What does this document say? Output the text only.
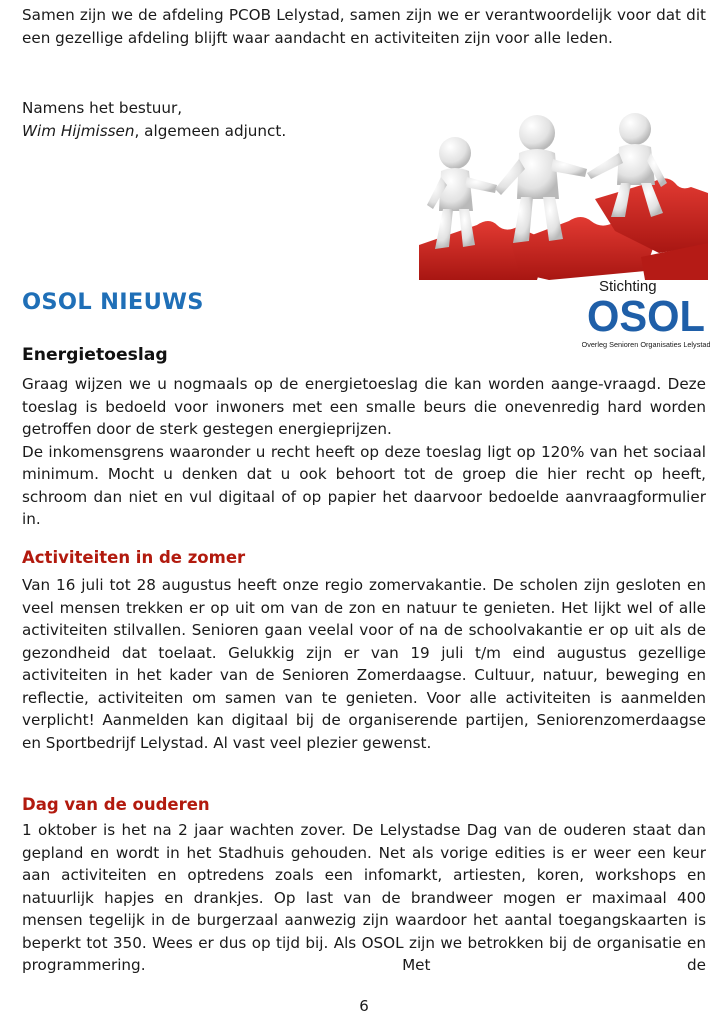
Samen zijn we de afdeling PCOB Lelystad, samen zijn we er verantwoordelijk voor dat dit een gezellige afdeling blijft waar aandacht en activiteiten zijn voor alle leden.

Namens het bestuur,
Wim Hijmissen, algemeen adjunct.
OSOL NIEUWS
Stichting
OSOL
Overleg Senioren Organisaties Lelystad
Energietoeslag
Graag wijzen we u nogmaals op de energietoeslag die kan worden aange-vraagd. Deze toeslag is bedoeld voor inwoners met een smalle beurs die onevenredig hard worden getroffen door de sterk gestegen energieprijzen.
De inkomensgrens waaronder u recht heeft op deze toeslag ligt op 120% van het sociaal minimum. Mocht u denken dat u ook behoort tot de groep die hier recht op heeft, schroom dan niet en vul digitaal of op papier het daarvoor bedoelde aanvraagformulier in.
Activiteiten in de zomer

Van 16 juli tot 28 augustus heeft onze regio zomervakantie. De scholen zijn gesloten en veel mensen trekken er op uit om van de zon en natuur te genieten. Het lijkt wel of alle activiteiten stilvallen. Senioren gaan veelal voor of na de schoolvakantie er op uit als de gezondheid dat toelaat. Gelukkig zijn er van 19 juli t/m eind augustus gezellige activiteiten in het kader van de Senioren Zomerdaagse. Cultuur, natuur, beweging en reflectie, activiteiten om samen van te genieten. Voor alle activiteiten is aanmelden verplicht! Aanmelden kan digitaal bij de organiserende partijen, Seniorenzomerdaagse en Sportbedrijf Lelystad. Al vast veel plezier gewenst.

Dag van de ouderen

1 oktober is het na 2 jaar wachten zover. De Lelystadse Dag van de ouderen staat dan gepland en wordt in het Stadhuis gehouden. Net als vorige edities is er weer een keur aan activiteiten en optredens zoals een infomarkt, artiesten, koren, workshops en natuurlijk hapjes en drankjes. Op last van de brandweer mogen er maximaal 400 mensen tegelijk in de burgerzaal aanwezig zijn waardoor het aantal toegangskaarten is beperkt tot 350. Wees er dus op tijd bij. Als OSOL zijn we betrokken bij de organisatie en programmering. Met de

6
